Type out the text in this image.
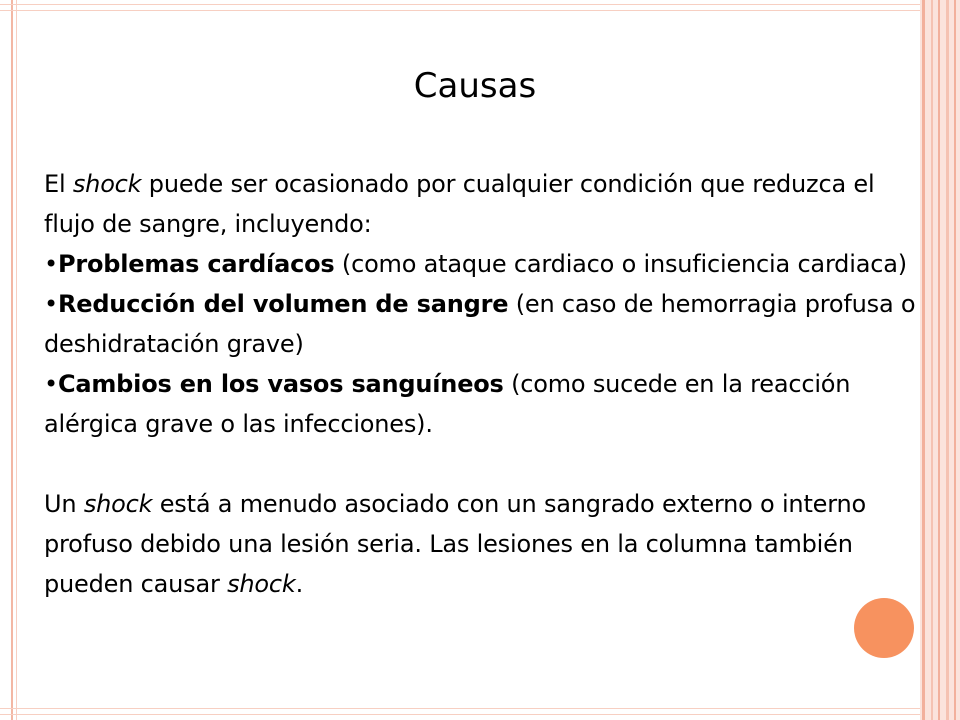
Causas

El shock puede ser ocasionado por cualquier condición que reduzca el flujo de sangre, incluyendo:

•Problemas cardíacos (como ataque cardiaco o insuficiencia cardiaca)

•Reducción del volumen de sangre (en caso de hemorragia profusa o deshidratación grave)

•Cambios en los vasos sanguíneos (como sucede en la reacción alérgica grave o las infecciones).

Un shock está a menudo asociado con un sangrado externo o interno profuso debido una lesión seria. Las lesiones en la columna también pueden causar shock.
